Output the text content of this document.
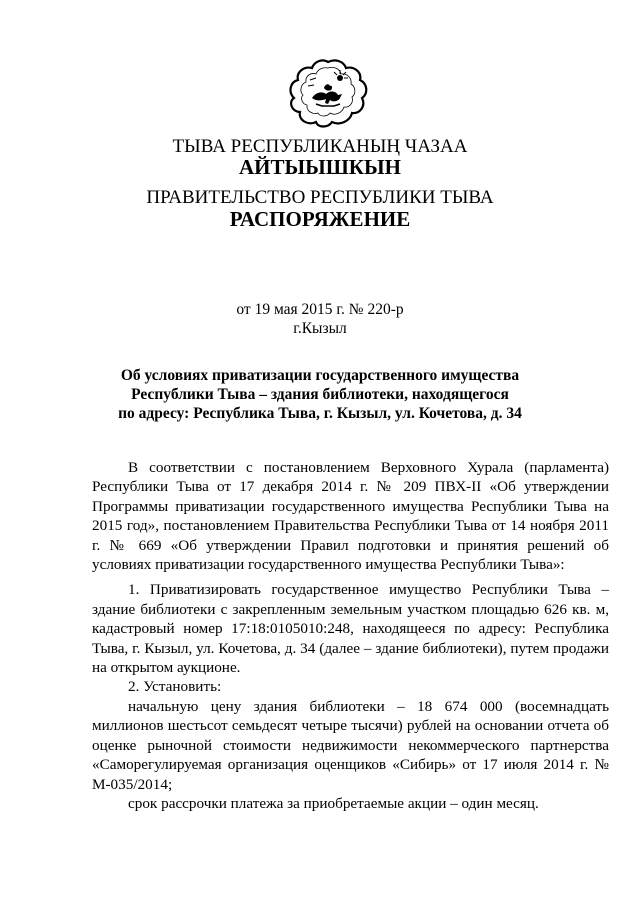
ТЫВА РЕСПУБЛИКАНЫҢ ЧАЗАА
АЙТЫЫШКЫН
ПРАВИТЕЛЬСТВО РЕСПУБЛИКИ ТЫВА
РАСПОРЯЖЕНИЕ
от 19 мая 2015 г. № 220-р
г.Кызыл
Об условиях приватизации государственного имущества
Республики Тыва – здания библиотеки, находящегося
по адресу: Республика Тыва, г. Кызыл, ул. Кочетова, д. 34

В соответствии с постановлением Верховного Хурала (парламента) Республики Тыва от 17 декабря 2014 г. № 209 ПВХ-II «Об утверждении Программы приватизации государственного имущества Республики Тыва на 2015 год», постановлением Правительства Республики Тыва от 14 ноября 2011 г. № 669 «Об утверждении Правил подготовки и принятия решений об условиях приватизации государственного имущества Республики Тыва»:

1. Приватизировать государственное имущество Республики Тыва – здание библиотеки с закрепленным земельным участком площадью 626 кв. м, кадастровый номер 17:18:0105010:248, находящееся по адресу: Республика Тыва, г. Кызыл, ул. Кочетова, д. 34 (далее – здание библиотеки), путем продажи на открытом аукционе.

2. Установить:

начальную цену здания библиотеки – 18 674 000 (восемнадцать миллионов шестьсот семьдесят четыре тысячи) рублей на основании отчета об оценке рыночной стоимости недвижимости некоммерческого партнерства «Саморегулируемая организация оценщиков «Сибирь» от 17 июля 2014 г. № М-035/2014;

срок рассрочки платежа за приобретаемые акции – один месяц.
